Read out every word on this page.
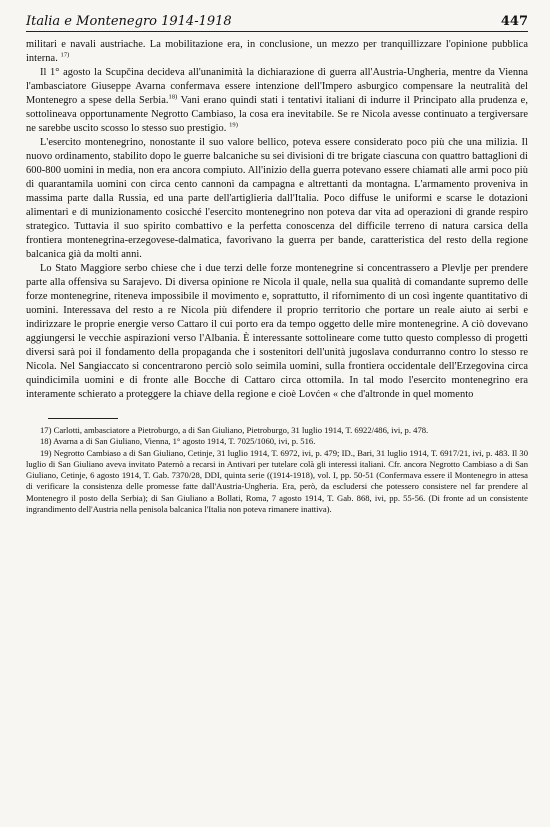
Italia e Montenegro 1914-1918	447

militari e navali austriache. La mobilitazione era, in conclusione, un mezzo per tranquillizzare l'opinione pubblica interna. $^{17)}$

Il 1° agosto la Scupčina decideva all'unanimità la dichiarazione di guerra all'Austria-Ungheria, mentre da Vienna l'ambasciatore Giuseppe Avarna confermava essere intenzione dell'Impero asburgico compensare la neutralità del Montenegro a spese della Serbia.$^{18)}$ Vani erano quindi stati i tentativi italiani di indurre il Principato alla prudenza e, sottolineava opportunamente Negrotto Cambiaso, la cosa era inevitabile. Se re Nicola avesse continuato a tergiversare ne sarebbe uscito scosso lo stesso suo prestigio. $^{19)}$

L'esercito montenegrino, nonostante il suo valore bellico, poteva essere considerato poco più che una milizia. Il nuovo ordinamento, stabilito dopo le guerre balcaniche su sei divisioni di tre brigate ciascuna con quattro battaglioni di 600-800 uomini in media, non era ancora compiuto. All'inizio della guerra potevano essere chiamati alle armi poco più di quarantamila uomini con circa cento cannoni da campagna e altrettanti da montagna. L'armamento proveniva in massima parte dalla Russia, ed una parte dell'artiglieria dall'Italia. Poco diffuse le uniformi e scarse le dotazioni alimentari e di munizionamento cosicché l'esercito montenegrino non poteva dar vita ad operazioni di grande respiro strategico. Tuttavia il suo spirito combattivo e la perfetta conoscenza del difficile terreno di natura carsica della frontiera montenegrina-erzegovese-dalmatica, favorivano la guerra per bande, caratteristica del resto della regione balcanica già da molti anni.

Lo Stato Maggiore serbo chiese che i due terzi delle forze montenegrine si concentrassero a Plevlje per prendere parte alla offensiva su Sarajevo. Di diversa opinione re Nicola il quale, nella sua qualità di comandante supremo delle forze montenegrine, riteneva impossibile il movimento e, soprattutto, il rifornimento di un così ingente quantitativo di uomini. Interessava del resto a re Nicola più difendere il proprio territorio che portare un reale aiuto ai serbi e indirizzare le proprie energie verso Cattaro il cui porto era da tempo oggetto delle mire montenegrine. A ciò dovevano aggiungersi le vecchie aspirazioni verso l'Albania. È interessante sottolineare come tutto questo complesso di progetti diversi sarà poi il fondamento della propaganda che i sostenitori dell'unità jugoslava condurranno contro lo stesso re Nicola. Nel Sangiaccato si concentrarono perciò solo seimila uomini, sulla frontiera occidentale dell'Erzegovina circa quindicimila uomini e di fronte alle Bocche di Cattaro circa ottomila. In tal modo l'esercito montenegrino era interamente schierato a proteggere la chiave della regione e cioè Lovćen « che d'altronde in quel momento

17) Carlotti, ambasciatore a Pietroburgo, a di San Giuliano, Pietroburgo, 31 luglio 1914, T. 6922/486, ivi, p. 478.

18) Avarna a di San Giuliano, Vienna, 1° agosto 1914, T. 7025/1060, ivi, p. 516.

19) Negrotto Cambiaso a di San Giuliano, Cetinje, 31 luglio 1914, T. 6972, ivi, p. 479; ID., Bari, 31 luglio 1914, T. 6917/21, ivi, p. 483. Il 30 luglio di San Giuliano aveva invitato Paternò a recarsi in Antivari per tutelare colà gli interessi italiani. Cfr. ancora Negrotto Cambiaso a di San Giuliano, Cetinje, 6 agosto 1914, T. Gab. 7370/28, DDI, quinta serie ((1914-1918), vol. I, pp. 50-51 (Confermava essere il Montenegro in attesa di verificare la consistenza delle promesse fatte dall'Austria-Ungheria. Era, però, da escludersi che potessero consistere nel far prendere al Montenegro il posto della Serbia); di San Giuliano a Bollati, Roma, 7 agosto 1914, T. Gab. 868, ivi, pp. 55-56. (Di fronte ad un consistente ingrandimento dell'Austria nella penisola balcanica l'Italia non poteva rimanere inattiva).
